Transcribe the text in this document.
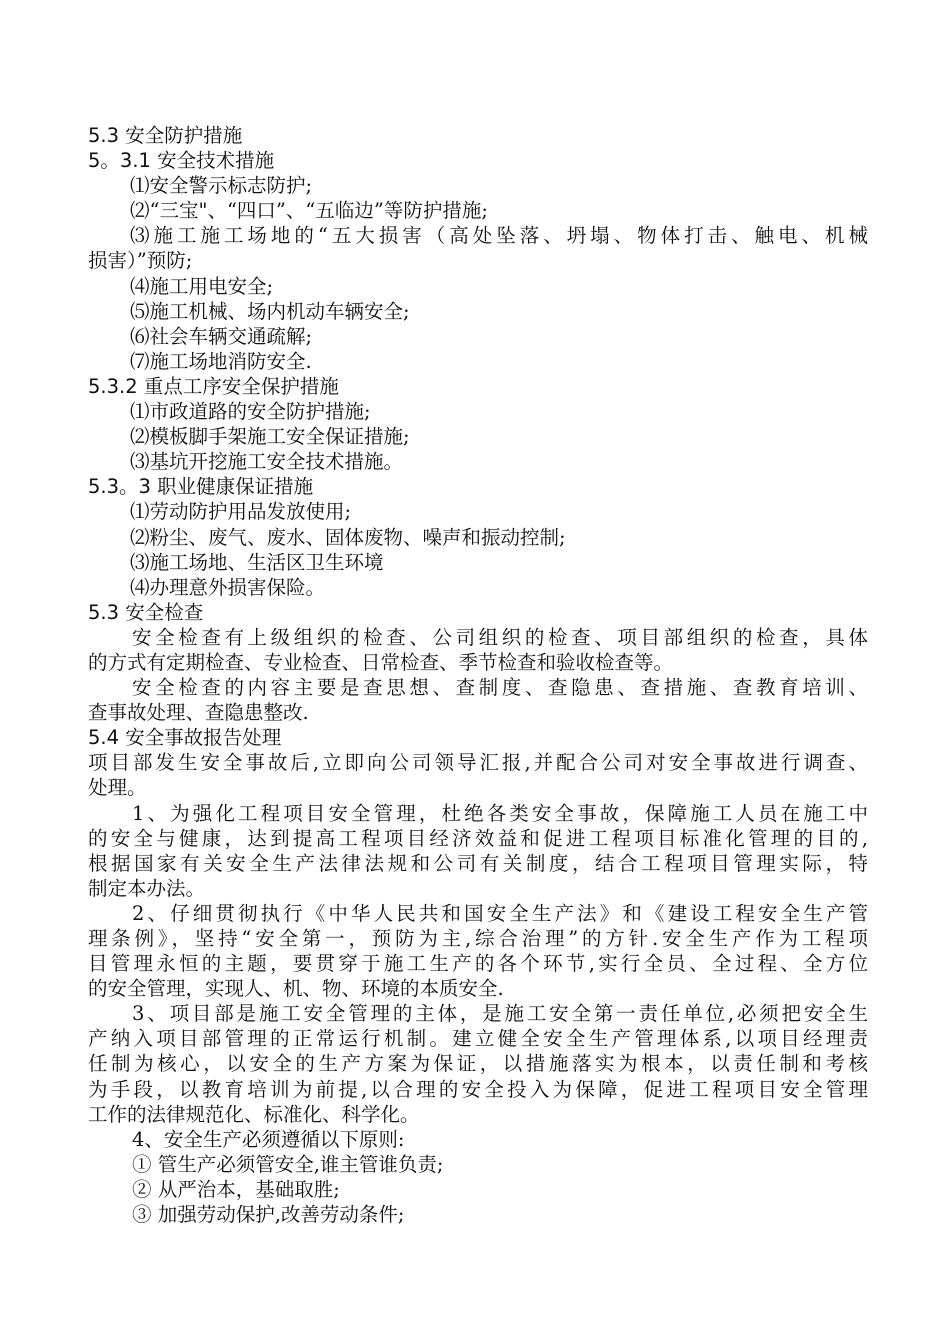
5.3 安全防护措施
5。3.1 安全技术措施
⑴安全警示标志防护;
⑵“三宝"、“四口”、“五临边”等防护措施;
⑶施工施工场地的“五大损害（高处坠落、坍塌、物体打击、触电、机械
损害）”预防;
⑷施工用电安全;
⑸施工机械、场内机动车辆安全;
⑹社会车辆交通疏解;
⑺施工场地消防安全.
5.3.2 重点工序安全保护措施
⑴市政道路的安全防护措施;
⑵模板脚手架施工安全保证措施;
⑶基坑开挖施工安全技术措施。
5.3。3 职业健康保证措施
⑴劳动防护用品发放使用;
⑵粉尘、废气、废水、固体废物、噪声和振动控制;
⑶施工场地、生活区卫生环境
⑷办理意外损害保险。
5.3 安全检查
安全检查有上级组织的检查、公司组织的检查、项目部组织的检查，具体
的方式有定期检查、专业检查、日常检查、季节检查和验收检查等。
安全检查的内容主要是查思想、查制度、查隐患、查措施、查教育培训、
查事故处理、查隐患整改.
5.4 安全事故报告处理
项目部发生安全事故后,立即向公司领导汇报,并配合公司对安全事故进行调查、
处理。
1、为强化工程项目安全管理，杜绝各类安全事故，保障施工人员在施工中
的安全与健康，达到提高工程项目经济效益和促进工程项目标准化管理的目的,
根据国家有关安全生产法律法规和公司有关制度，结合工程项目管理实际，特
制定本办法。
2、仔细贯彻执行《中华人民共和国安全生产法》和《建设工程安全生产管
理条例》，坚持“安全第一，预防为主,综合治理”的方针.安全生产作为工程项
目管理永恒的主题，要贯穿于施工生产的各个环节,实行全员、全过程、全方位
的安全管理，实现人、机、物、环境的本质安全.
3、项目部是施工安全管理的主体，是施工安全第一责任单位,必须把安全生
产纳入项目部管理的正常运行机制。建立健全安全生产管理体系,以项目经理责
任制为核心，以安全的生产方案为保证，以措施落实为根本，以责任制和考核
为手段，以教育培训为前提,以合理的安全投入为保障，促进工程项目安全管理
工作的法律规范化、标准化、科学化。
4、安全生产必须遵循以下原则:
① 管生产必须管安全,谁主管谁负责;
② 从严治本，基础取胜;
③ 加强劳动保护,改善劳动条件;
